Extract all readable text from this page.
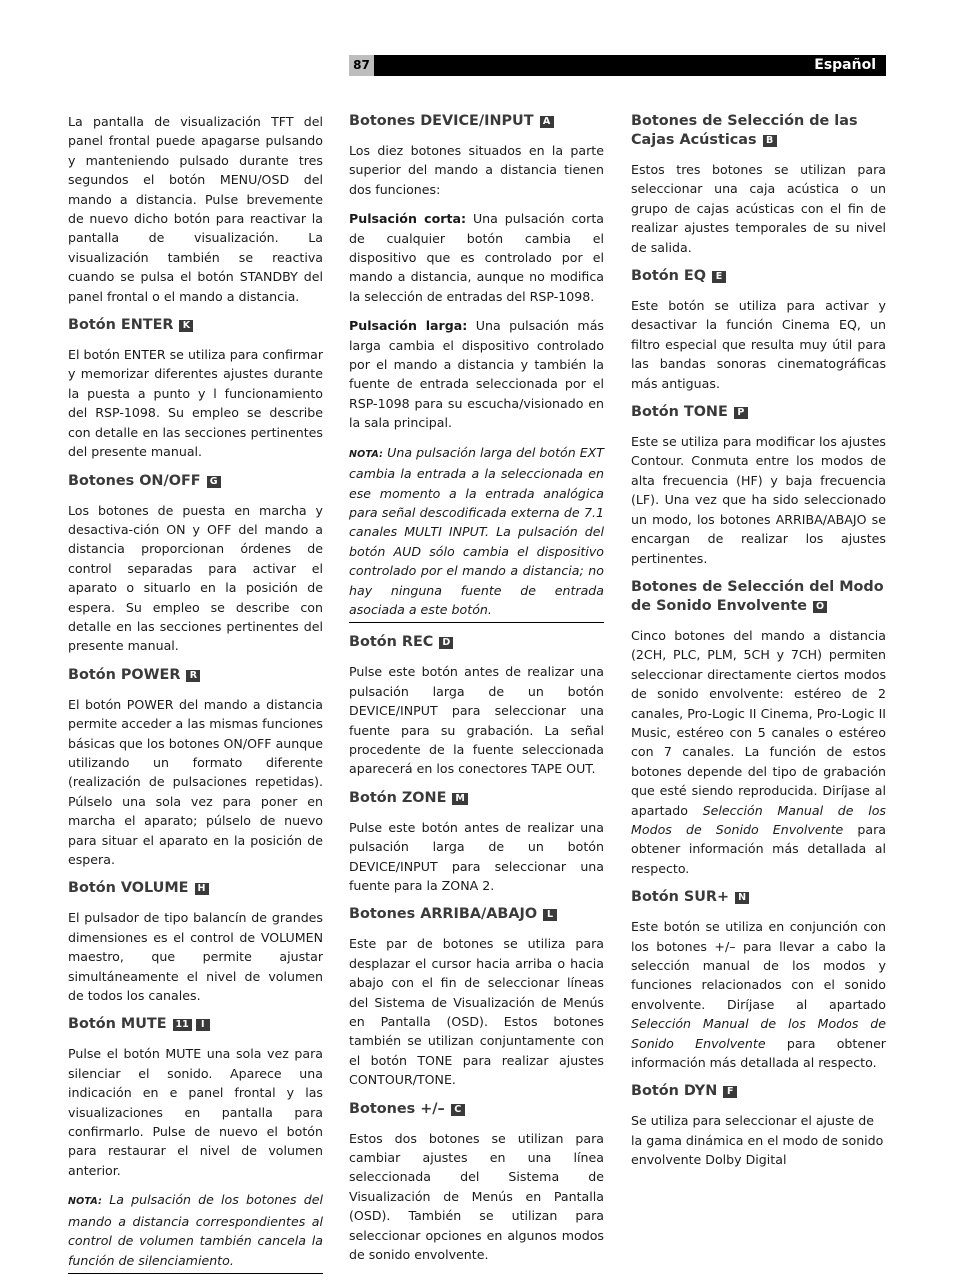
87	Español

La pantalla de visualización TFT del panel frontal puede apagarse pulsando y manteniendo pulsado durante tres segundos el botón MENU/OSD del mando a distancia. Pulse brevemente de nuevo dicho botón para reactivar la pantalla de visualización. La visualización también se reactiva cuando se pulsa el botón STANDBY del panel frontal o el mando a distancia.

Botón ENTER K

El botón ENTER se utiliza para confirmar y memorizar diferentes ajustes durante la puesta a punto y l funcionamiento del RSP-1098. Su empleo se describe con detalle en las secciones pertinentes del presente manual.

Botones ON/OFF G

Los botones de puesta en marcha y desactiva-ción ON y OFF del mando a distancia proporcionan órdenes de control separadas para activar el aparato o situarlo en la posición de espera. Su empleo se describe con detalle en las secciones pertinentes del presente manual.

Botón POWER R

El botón POWER del mando a distancia permite acceder a las mismas funciones básicas que los botones ON/OFF aunque utilizando un formato diferente (realización de pulsaciones repetidas). Púlselo una sola vez para poner en marcha el aparato; púlselo de nuevo para situar el aparato en la posición de espera.

Botón VOLUME H

El pulsador de tipo balancín de grandes dimensiones es el control de VOLUMEN maestro, que permite ajustar simultáneamente el nivel de volumen de todos los canales.

Botón MUTE 11 I

Pulse el botón MUTE una sola vez para silenciar el sonido. Aparece una indicación en e panel frontal y las visualizaciones en pantalla para confirmarlo. Pulse de nuevo el botón para restaurar el nivel de volumen anterior.

NOTA: La pulsación de los botones del mando a distancia correspondientes al control de volumen también cancela la función de silenciamiento.

Botones DEVICE/INPUT A

Los diez botones situados en la parte superior del mando a distancia tienen dos funciones:

Pulsación corta: Una pulsación corta de cualquier botón cambia el dispositivo que es controlado por el mando a distancia, aunque no modifica la selección de entradas del RSP-1098.

Pulsación larga: Una pulsación más larga cambia el dispositivo controlado por el mando a distancia y también la fuente de entrada seleccionada por el RSP-1098 para su escucha/visionado en la sala principal.

NOTA: Una pulsación larga del botón EXT cambia la entrada a la seleccionada en ese momento a la entrada analógica para señal descodificada externa de 7.1 canales MULTI INPUT. La pulsación del botón AUD sólo cambia el dispositivo controlado por el mando a distancia; no hay ninguna fuente de entrada asociada a este botón.

Botón REC D

Pulse este botón antes de realizar una pulsación larga de un botón DEVICE/INPUT para seleccionar una fuente para su grabación. La señal procedente de la fuente seleccionada aparecerá en los conectores TAPE OUT.

Botón ZONE M

Pulse este botón antes de realizar una pulsación larga de un botón DEVICE/INPUT para seleccionar una fuente para la ZONA 2.

Botones ARRIBA/ABAJO L

Este par de botones se utiliza para desplazar el cursor hacia arriba o hacia abajo con el fin de seleccionar líneas del Sistema de Visualización de Menús en Pantalla (OSD). Estos botones también se utilizan conjuntamente con el botón TONE para realizar ajustes CONTOUR/TONE.

Botones +/– C

Estos dos botones se utilizan para cambiar ajustes en una línea seleccionada del Sistema de Visualización de Menús en Pantalla (OSD). También se utilizan para seleccionar opciones en algunos modos de sonido envolvente.

Botones de Selección de las Cajas Acústicas B

Estos tres botones se utilizan para seleccionar una caja acústica o un grupo de cajas acústicas con el fin de realizar ajustes temporales de su nivel de salida.

Botón EQ E

Este botón se utiliza para activar y desactivar la función Cinema EQ, un filtro especial que resulta muy útil para las bandas sonoras cinematográficas más antiguas.

Botón TONE P

Este se utiliza para modificar los ajustes Contour. Conmuta entre los modos de alta frecuencia (HF) y baja frecuencia (LF). Una vez que ha sido seleccionado un modo, los botones ARRIBA/ABAJO se encargan de realizar los ajustes pertinentes.

Botones de Selección del Modo de Sonido Envolvente O

Cinco botones del mando a distancia (2CH, PLC, PLM, 5CH y 7CH) permiten seleccionar directamente ciertos modos de sonido envolvente: estéreo de 2 canales, Pro-Logic II Cinema, Pro-Logic II Music, estéreo con 5 canales o estéreo con 7 canales. La función de estos botones depende del tipo de grabación que esté siendo reproducida. Diríjase al apartado Selección Manual de los Modos de Sonido Envolvente para obtener información más detallada al respecto.

Botón SUR+ N

Este botón se utiliza en conjunción con los botones +/– para llevar a cabo la selección manual de los modos y funciones relacionados con el sonido envolvente. Diríjase al apartado Selección Manual de los Modos de Sonido Envolvente para obtener información más detallada al respecto.

Botón DYN F

Se utiliza para seleccionar el ajuste de la gama dinámica en el modo de sonido envolvente Dolby Digital
